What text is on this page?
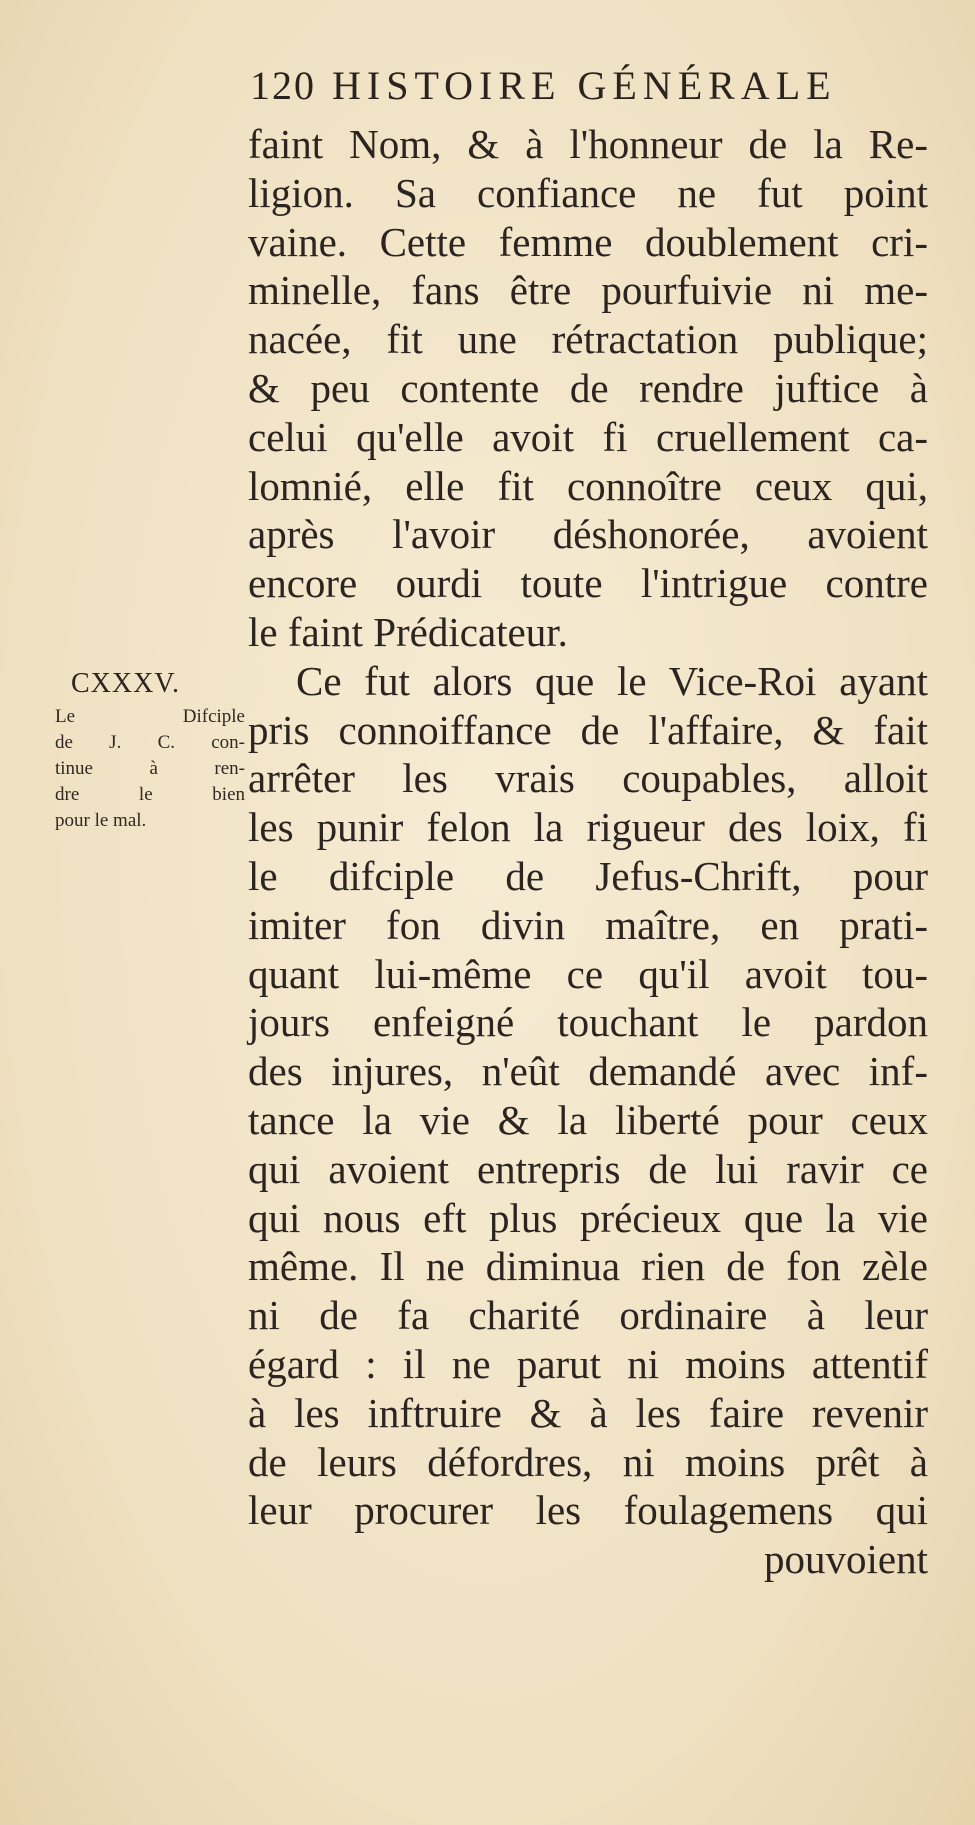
120 HISTOIRE GÉNÉRALE
CXXXV.
Le Difciple
de J. C. con-
tinue à ren-
dre le bien
pour le mal.
faint Nom, & à l'honneur de la Re-
ligion. Sa confiance ne fut point
vaine. Cette femme doublement cri-
minelle, fans être pourfuivie ni me-
nacée, fit une rétractation publique;
& peu contente de rendre juftice à
celui qu'elle avoit fi cruellement ca-
lomnié, elle fit connoître ceux qui,
après l'avoir déshonorée, avoient
encore ourdi toute l'intrigue contre
le faint Prédicateur.
Ce fut alors que le Vice-Roi ayant
pris connoiffance de l'affaire, & fait
arrêter les vrais coupables, alloit
les punir felon la rigueur des loix, fi
le difciple de Jefus-Chrift, pour
imiter fon divin maître, en prati-
quant lui-même ce qu'il avoit tou-
jours enfeigné touchant le pardon
des injures, n'eût demandé avec inf-
tance la vie & la liberté pour ceux
qui avoient entrepris de lui ravir ce
qui nous eft plus précieux que la vie
même. Il ne diminua rien de fon zèle
ni de fa charité ordinaire à leur
égard : il ne parut ni moins attentif
à les inftruire & à les faire revenir
de leurs défordres, ni moins prêt à
leur procurer les foulagemens qui
pouvoient
